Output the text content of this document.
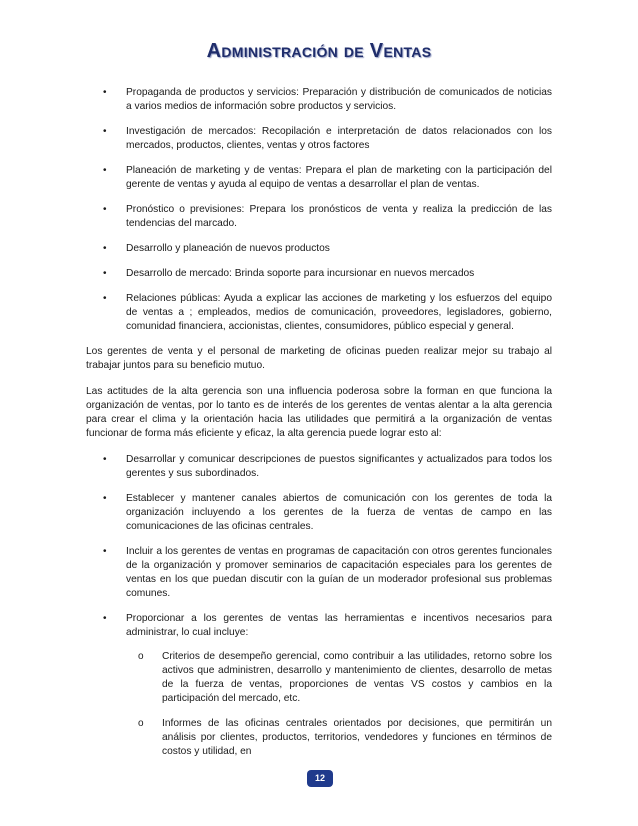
Administración de Ventas
• Propaganda de productos y servicios: Preparación y distribución de comunicados de noticias a varios medios de información sobre productos y servicios.
• Investigación de mercados: Recopilación e interpretación de datos relacionados con los mercados, productos, clientes, ventas y otros factores
• Planeación de marketing y de ventas: Prepara el plan de marketing con la participación del gerente de ventas y ayuda al equipo de ventas a desarrollar el plan de ventas.
• Pronóstico o previsiones: Prepara los pronósticos de venta y realiza la predicción de las tendencias del marcado.
• Desarrollo y planeación de nuevos productos
• Desarrollo de mercado: Brinda soporte para incursionar en nuevos mercados
• Relaciones públicas: Ayuda a explicar las acciones de marketing y los esfuerzos del equipo de ventas a ; empleados, medios de comunicación, proveedores, legisladores, gobierno, comunidad financiera, accionistas, clientes, consumidores, público especial y general.

Los gerentes de venta y el personal de marketing de oficinas pueden realizar mejor su trabajo al trabajar juntos para su beneficio mutuo.

Las actitudes de la alta gerencia son una influencia poderosa sobre la forman en que funciona la organización de ventas, por lo tanto es de interés de los gerentes de ventas alentar a la alta gerencia para crear el clima y la orientación hacia las utilidades que permitirá a la organización de ventas funcionar de forma más eficiente y eficaz, la alta gerencia puede lograr esto al:

• Desarrollar y comunicar descripciones de puestos significantes y actualizados para todos los gerentes y sus subordinados.
• Establecer y mantener canales abiertos de comunicación con los gerentes de toda la organización incluyendo a los gerentes de la fuerza de ventas de campo en las comunicaciones de las oficinas centrales.
• Incluir a los gerentes de ventas en programas de capacitación con otros gerentes funcionales de la organización y promover seminarios de capacitación especiales para los gerentes de ventas en los que puedan discutir con la guían de un moderador profesional sus problemas comunes.
• Proporcionar a los gerentes de ventas las herramientas e incentivos necesarios para administrar, lo cual incluye:
o Criterios de desempeño gerencial, como contribuir a las utilidades, retorno sobre los activos que administren, desarrollo y mantenimiento de clientes, desarrollo de metas de la fuerza de ventas, proporciones de ventas VS costos y cambios en la participación del mercado, etc.
o Informes de las oficinas centrales orientados por decisiones, que permitirán un análisis por clientes, productos, territorios, vendedores y funciones en términos de costos y utilidad, en
12
